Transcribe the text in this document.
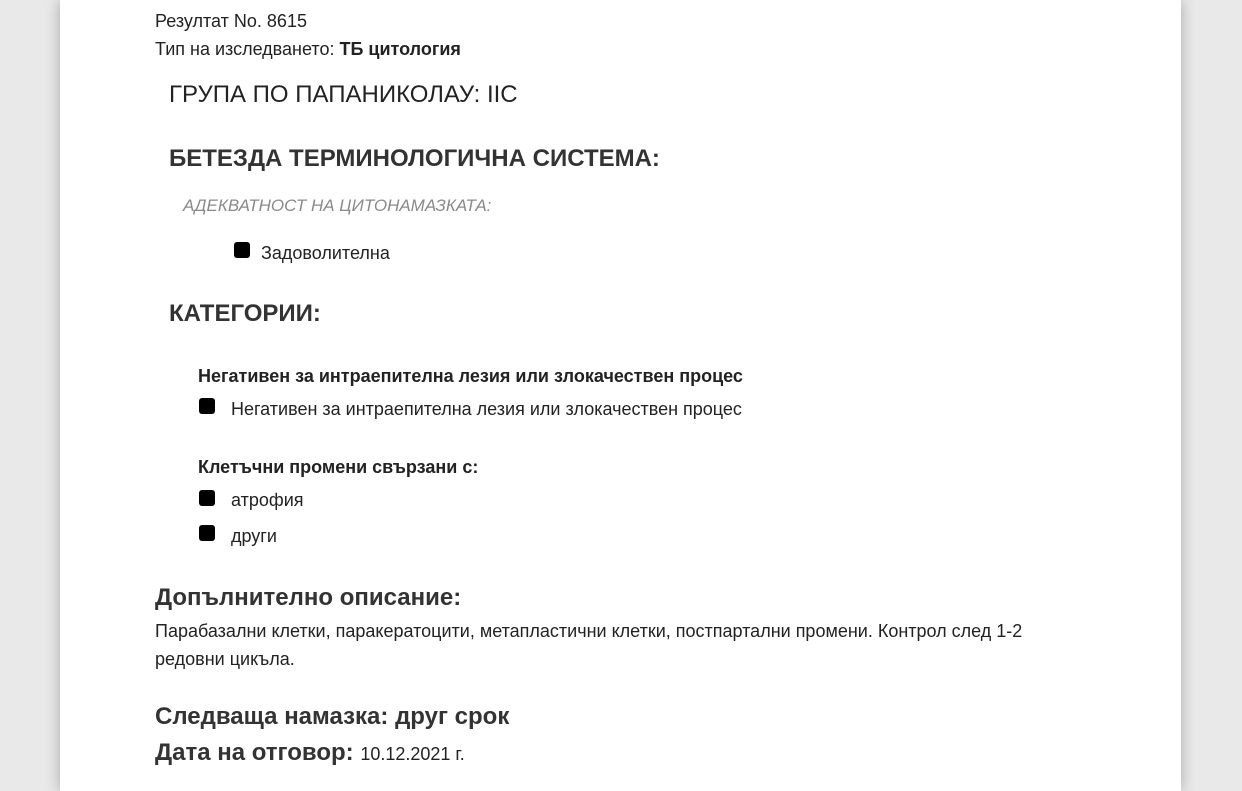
Резултат No. 8615
Тип на изследването: ТБ цитология
ГРУПА ПО ПАПАНИКОЛАУ: IIC
БЕТЕЗДА ТЕРМИНОЛОГИЧНА СИСТЕМА:
АДЕКВАТНОСТ НА ЦИТОНАМАЗКАТА:
Задоволителна
КАТЕГОРИИ:
Негативен за интраепителна лезия или злокачествен процес
Негативен за интраепителна лезия или злокачествен процес
Клетъчни промени свързани с:
атрофия
други
Допълнително описание:
Парабазални клетки, паракератоцити, метапластични клетки, постпартални промени. Контрол след 1-2 редовни цикъла.
Следваща намазка: друг срок
Дата на отговор: 10.12.2021 г.
